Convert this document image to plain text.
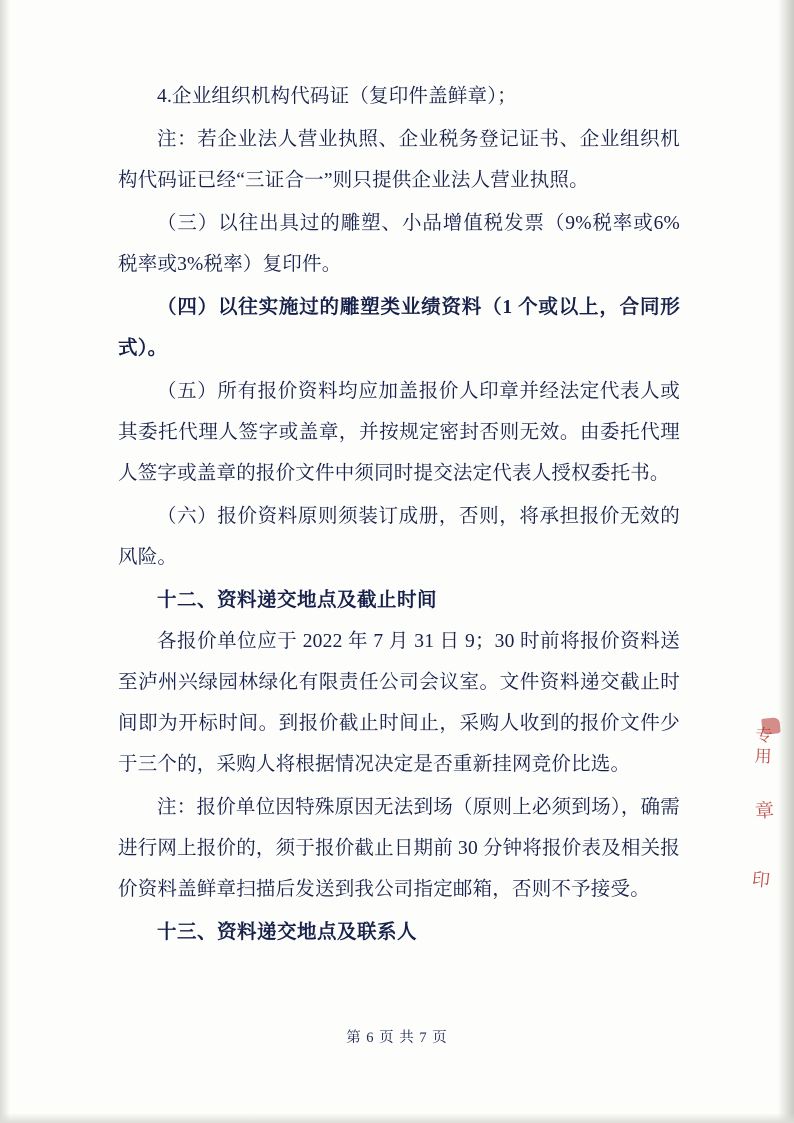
4.企业组织机构代码证（复印件盖鲜章）；

注：若企业法人营业执照、企业税务登记证书、企业组织机构代码证已经“三证合一”则只提供企业法人营业执照。

（三）以往出具过的雕塑、小品增值税发票（9%税率或6%税率或3%税率）复印件。

（四）以往实施过的雕塑类业绩资料（1 个或以上，合同形式）。

（五）所有报价资料均应加盖报价人印章并经法定代表人或其委托代理人签字或盖章，并按规定密封否则无效。由委托代理人签字或盖章的报价文件中须同时提交法定代表人授权委托书。

（六）报价资料原则须装订成册，否则，将承担报价无效的风险。

十二、资料递交地点及截止时间

各报价单位应于 2022 年 7 月 31 日 9；30 时前将报价资料送至泸州兴绿园林绿化有限责任公司会议室。文件资料递交截止时间即为开标时间。到报价截止时间止，采购人收到的报价文件少于三个的，采购人将根据情况决定是否重新挂网竞价比选。

注：报价单位因特殊原因无法到场（原则上必须到场），确需进行网上报价的，须于报价截止日期前 30 分钟将报价表及相关报价资料盖鲜章扫描后发送到我公司指定邮箱，否则不予接受。

十三、资料递交地点及联系人
专用
章
印
第 6 页 共 7 页
